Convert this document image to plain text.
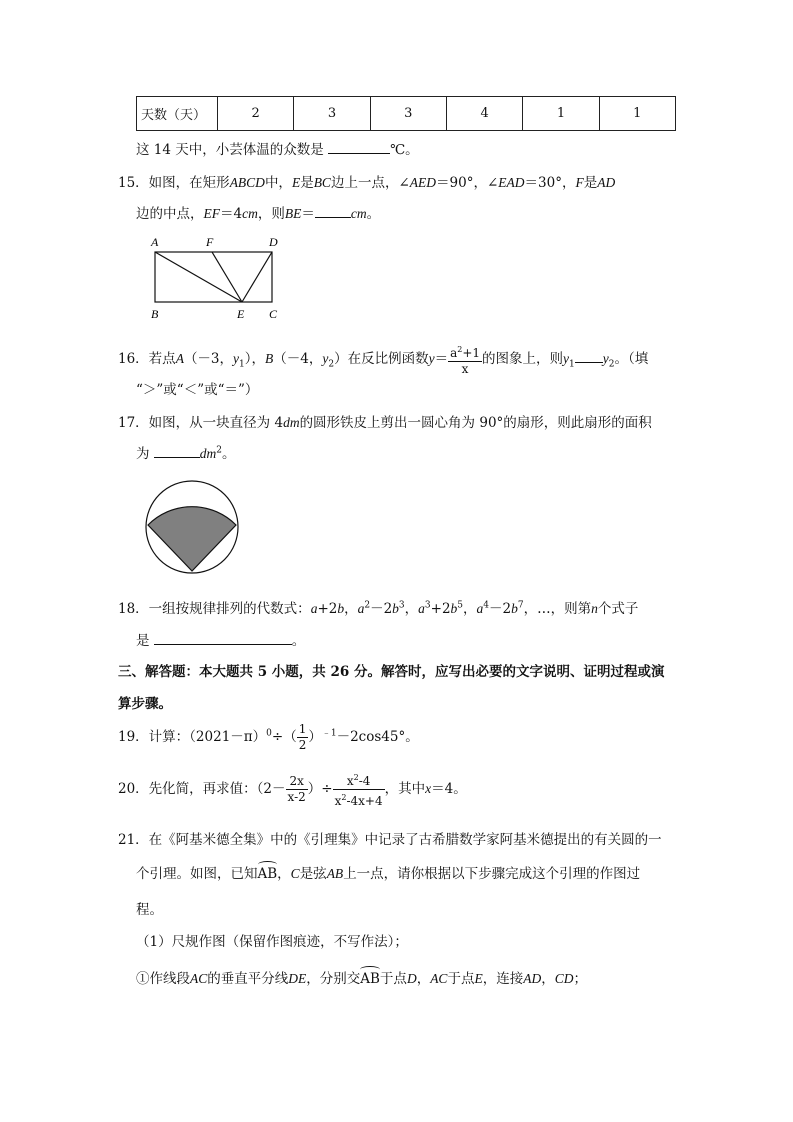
天数（天）	2	3	3	4	1	1
这 14 天中，小芸体温的众数是	℃。
15．如图，在矩形ABCD中，E是BC边上一点，∠AED＝90°，∠EAD＝30°，F是AD
边的中点，EF＝4cm，则BE＝	cm。
A	F	D
B	E C
16．若点A（－3，$y_1$），B（－4，$y_2$）在反比例函数$y= \frac{a^2+1}{x}$ 的图象上，则$y_1$ $y_2$。（填
“＞”或“＜”或“＝”）
17．如图，从一块直径为 4dm的圆形铁皮上剪出一圆心角为 90°的扇形，则此扇形的面积
为	$dm^2$。
18．一组按规律排列的代数式：a+2b，$a^2-2b^3$，$a^3+2b^5$，$a^4-2b^7$，…，则第n个式子
是	。
三、解答题：本大题共 5 小题，共 26 分。解答时，应写出必要的文字说明、证明过程或演
算步骤。
19．计算：$(2021-\pi)^0\div( \frac{1}{2} )^{﹣1}-2\cos 45^\circ$。
20．先化简，再求值：（$2- \frac{2x}{x-2}$ ）÷ $\frac{x^2-4}{x^2-4x+4}$ ，其中x＝4。
21．在《阿基米德全集》中的《引理集》中记录了古希腊数学家阿基米德提出的有关圆的一
个引理。如图，已知
AB，C是弦AB上一点，请你根据以下步骤完成这个引理的作图过
程。
（1）尺规作图（保留作图痕迹，不写作法）；
①作线段AC的垂直平分线DE，分别交
AB于点D，AC于点E，连接AD，CD；
